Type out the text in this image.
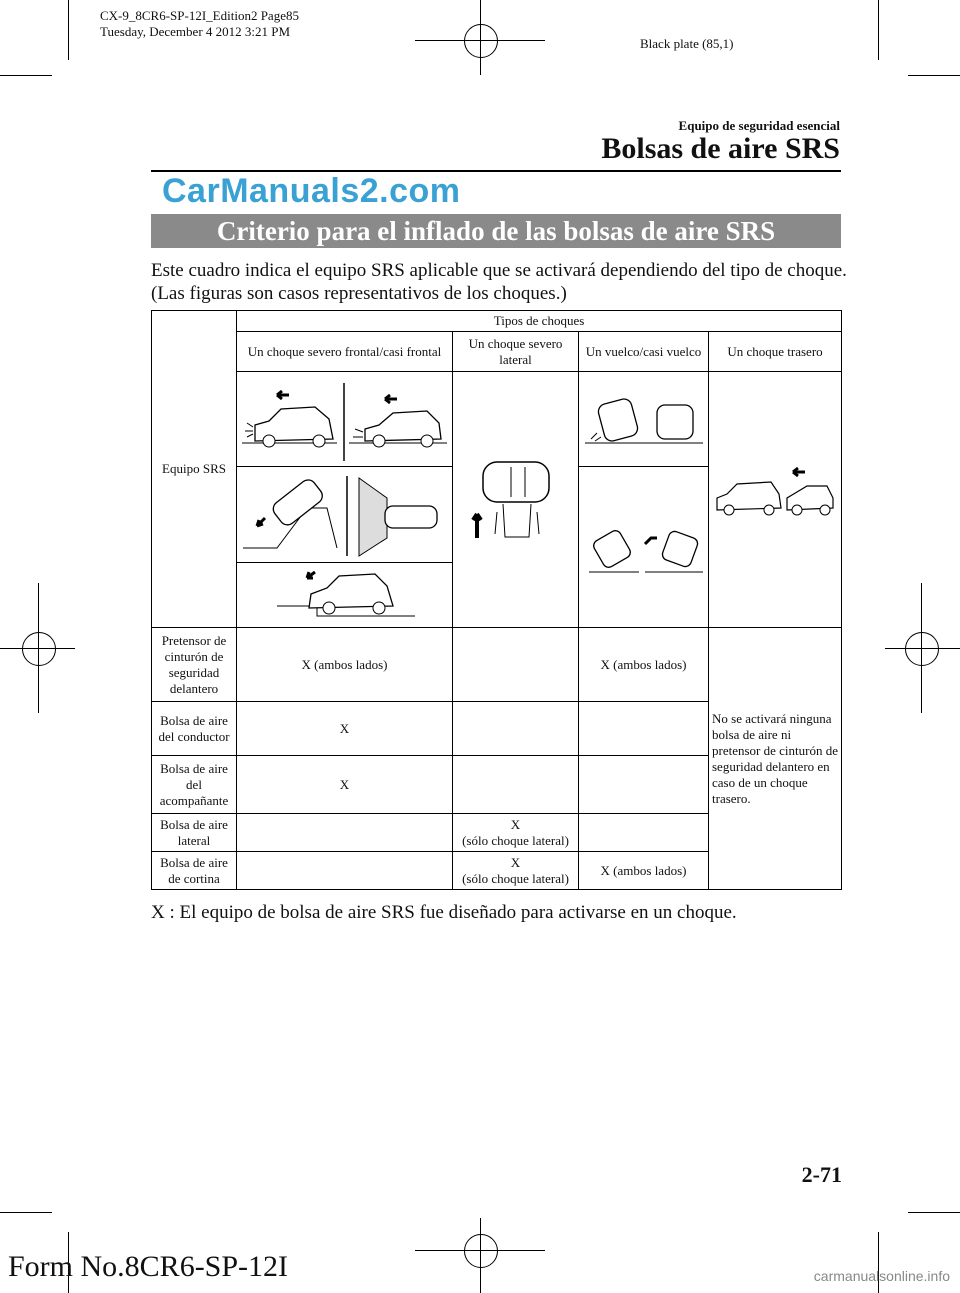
CX-9_8CR6-SP-12I_Edition2 Page85
Tuesday, December 4 2012 3:21 PM
Black plate (85,1)
Equipo de seguridad esencial
Bolsas de aire SRS
CarManuals2.com
Criterio para el inflado de las bolsas de aire SRS
Este cuadro indica el equipo SRS aplicable que se activará dependiendo del tipo de choque.
(Las figuras son casos representativos de los choques.)
Equipo SRS	Tipos de choques			
	Un choque severo frontal/casi frontal	Un choque severo lateral	Un vuelco/casi vuelco	Un choque trasero

Pretensor de cinturón de seguridad delantero	X (ambos lados)		X (ambos lados)	No se activará ninguna bolsa de aire ni pretensor de cinturón de seguridad delantero en caso de un choque trasero.
Bolsa de aire del conductor	X			
Bolsa de aire del acompañante	X			
Bolsa de aire lateral		X
(sólo choque lateral)		

Bolsa de aire de cortina		X
(sólo choque lateral)	X (ambos lados)	
X : El equipo de bolsa de aire SRS fue diseñado para activarse en un choque.
2-71
Form No.8CR6-SP-12I	carmanualsonline.info
